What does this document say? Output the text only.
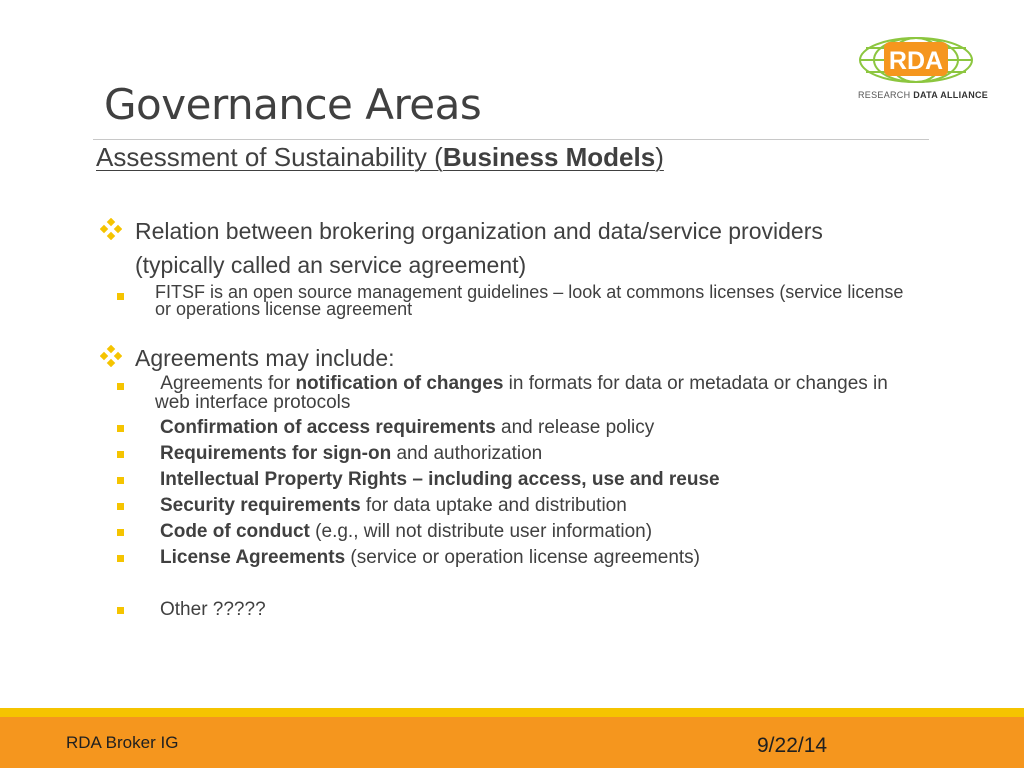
RDA
RESEARCH DATA ALLIANCE
Governance Areas
Assessment of Sustainability (Business Models)
Relation between brokering organization and data/service providers
(typically called an service agreement)
FITSF is an open source management guidelines – look at commons licenses (service license or operations license agreement
Agreements may include:
Agreements for notification of changes in formats for data or metadata or changes in web interface protocols
Confirmation of access requirements and release policy
Requirements for sign-on and authorization
Intellectual Property Rights – including access, use and reuse
Security requirements for data uptake and distribution
Code of conduct (e.g., will not distribute user information)
License Agreements (service or operation license agreements)
Other ?????
RDA Broker IG	9/22/14
